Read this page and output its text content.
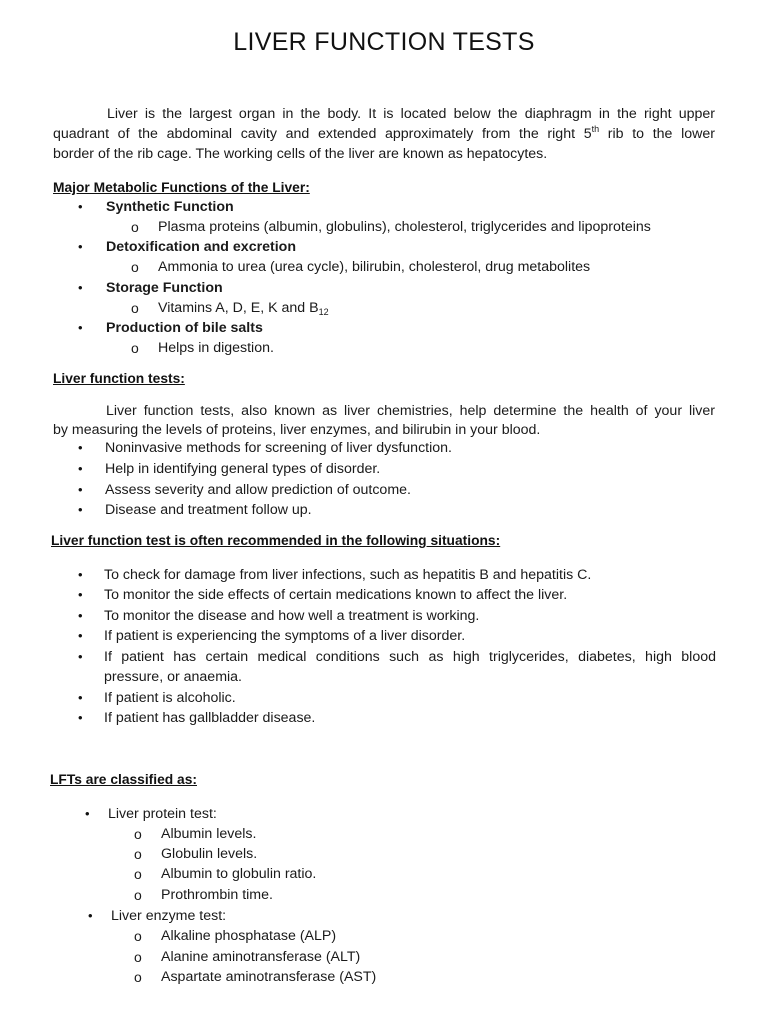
LIVER FUNCTION TESTS
Liver is the largest organ in the body. It is located below the diaphragm in the right upper
quadrant of the abdominal cavity and extended approximately from the right 5th rib to the lower
border of the rib cage. The working cells of the liver are known as hepatocytes.
Major Metabolic Functions of the Liver:
• Synthetic Function
o Plasma proteins (albumin, globulins), cholesterol, triglycerides and lipoproteins
• Detoxification and excretion
o Ammonia to urea (urea cycle), bilirubin, cholesterol, drug metabolites
• Storage Function
o Vitamins A, D, E, K and $B_{12}$
• Production of bile salts
o Helps in digestion.
Liver function tests:
Liver function tests, also known as liver chemistries, help determine the health of your liver
by measuring the levels of proteins, liver enzymes, and bilirubin in your blood.
• Noninvasive methods for screening of liver dysfunction.
• Help in identifying general types of disorder.
• Assess severity and allow prediction of outcome.
• Disease and treatment follow up.
Liver function test is often recommended in the following situations:
• To check for damage from liver infections, such as hepatitis B and hepatitis C.
• To monitor the side effects of certain medications known to affect the liver.
• To monitor the disease and how well a treatment is working.
• If patient is experiencing the symptoms of a liver disorder.
• If patient has certain medical conditions such as high triglycerides, diabetes, high blood
pressure, or anaemia.
• If patient is alcoholic.
• If patient has gallbladder disease.
LFTs are classified as:
• Liver protein test:
o Albumin levels.
o Globulin levels.
o Albumin to globulin ratio.
o Prothrombin time.
• Liver enzyme test:
o Alkaline phosphatase (ALP)
o Alanine aminotransferase (ALT)
o Aspartate aminotransferase (AST)
